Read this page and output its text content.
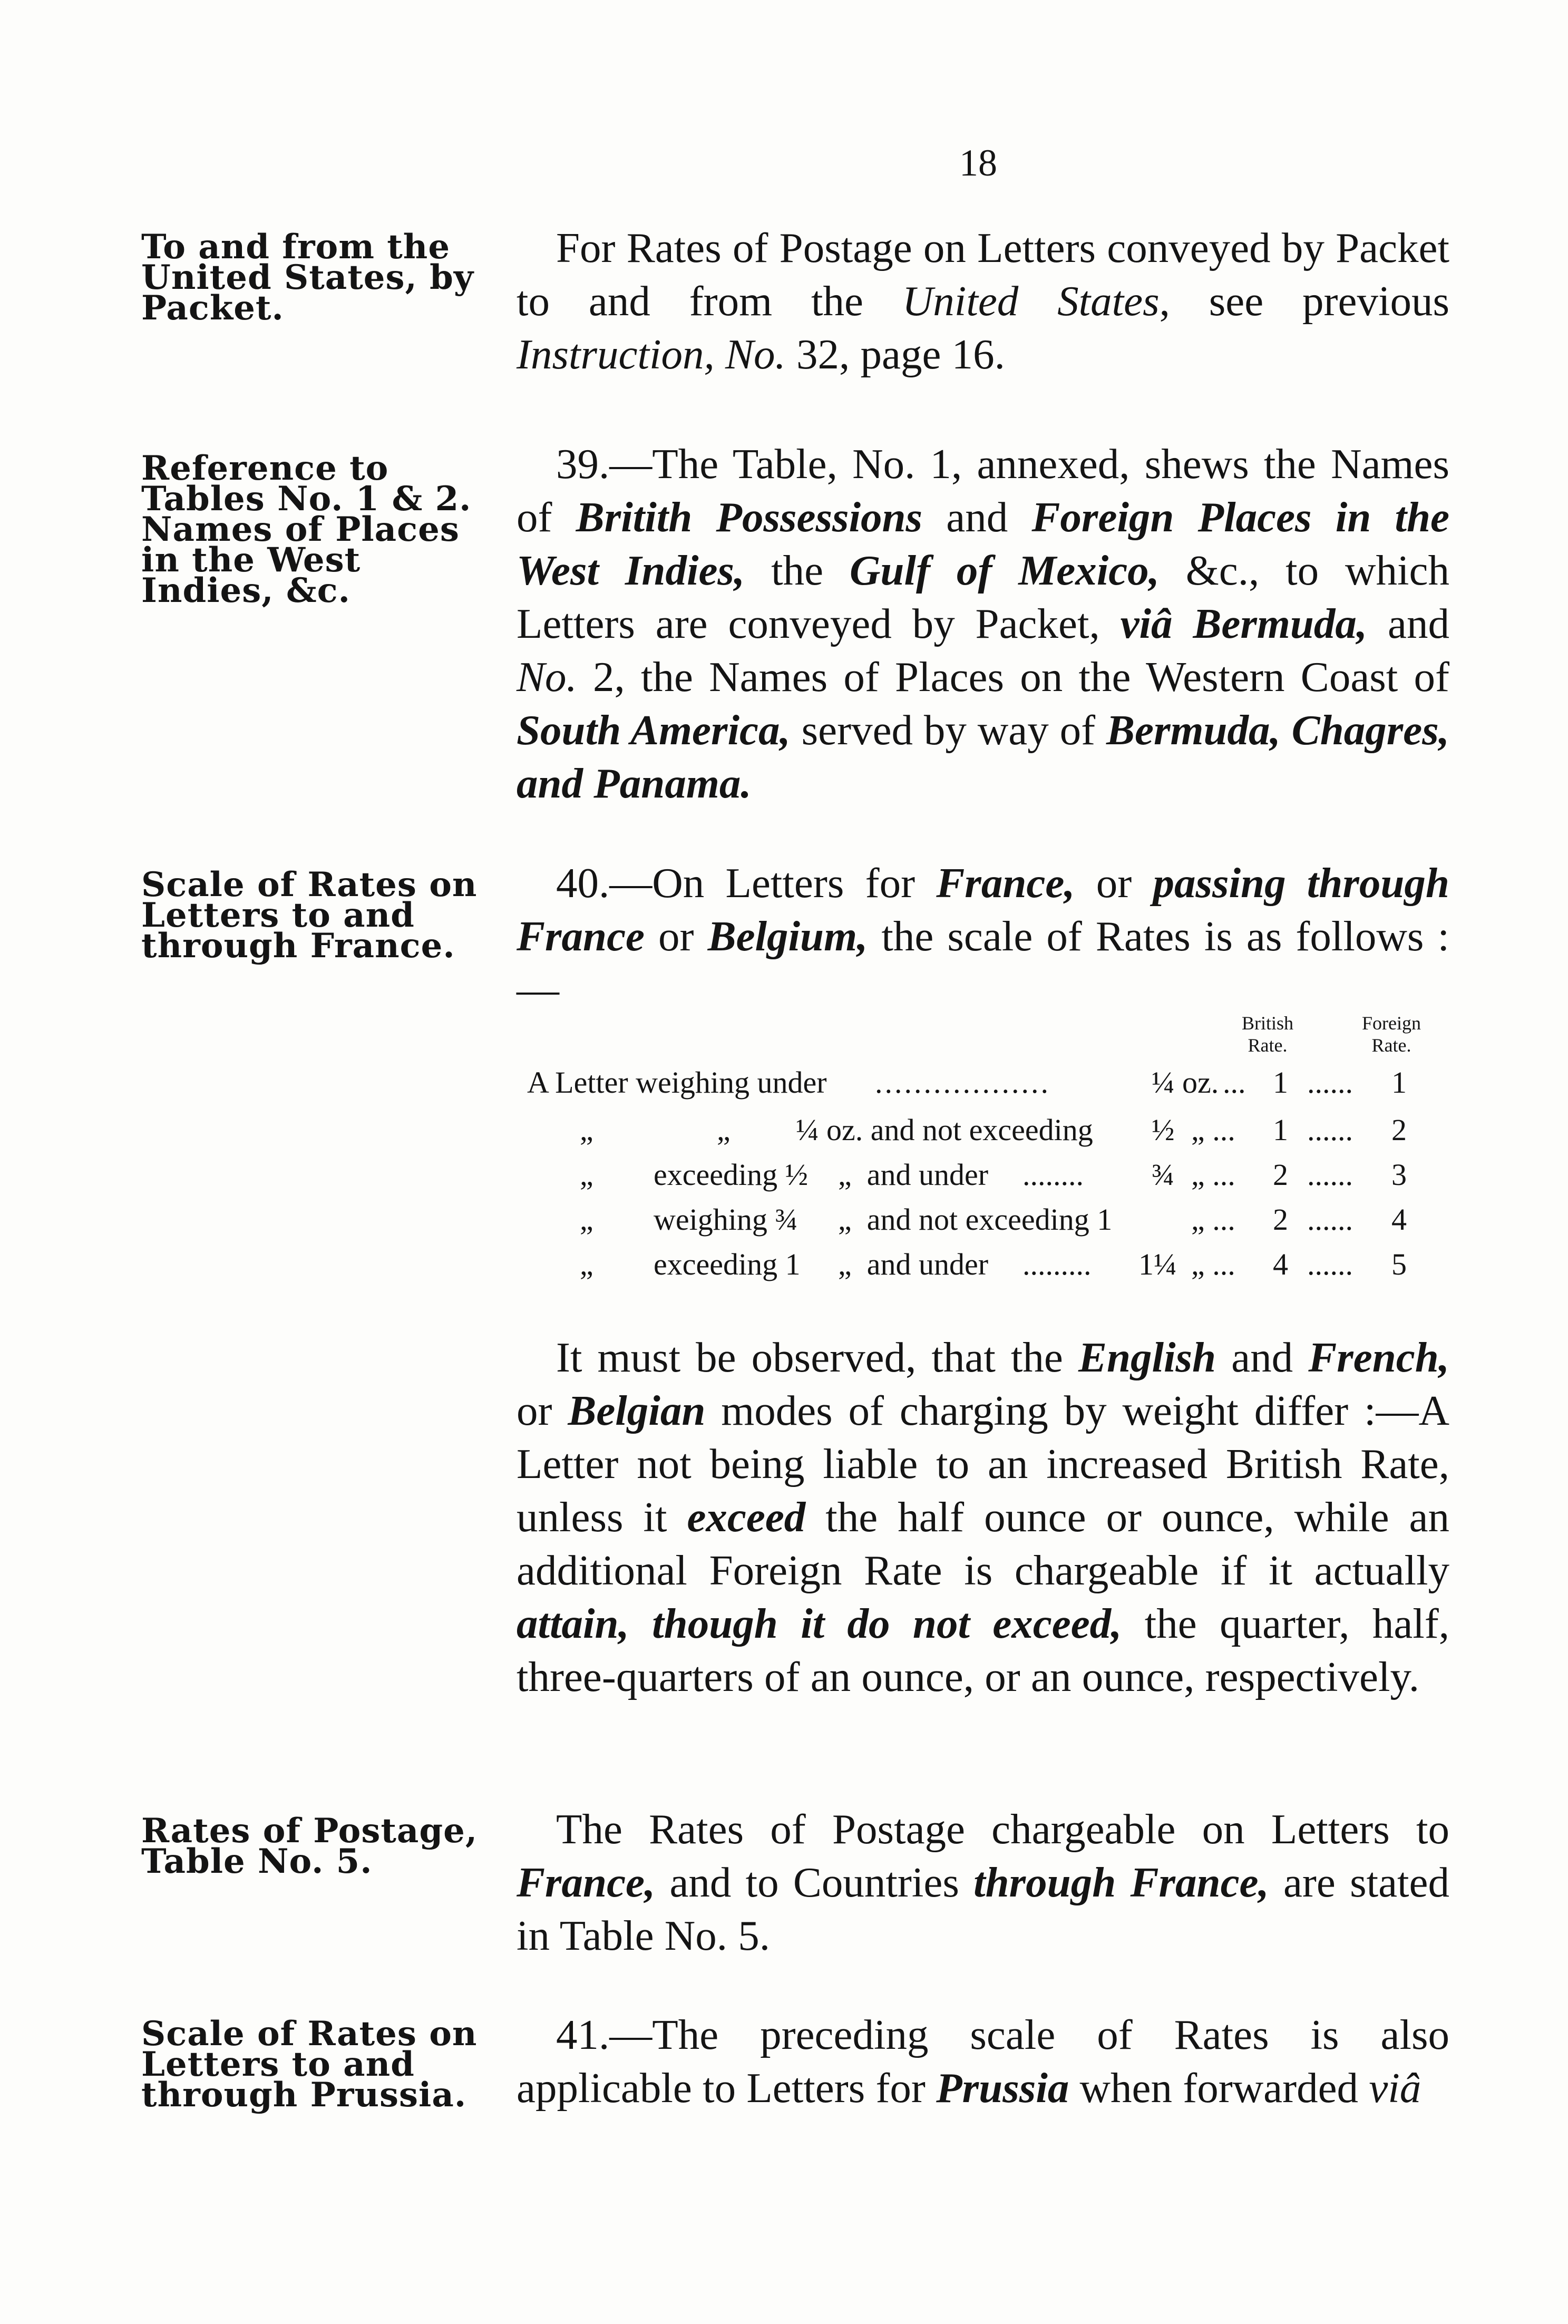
18
To and from the
United States, by
Packet.

For Rates of Postage on Letters conveyed by Packet to and from the United States, see previous Instruction, No. 32, page 16.

Reference to
Tables No. 1 & 2.
Names of Places
in the West
Indies, &c.

39.—The Table, No. 1, annexed, shews the Names of Britith Possessions and Foreign Places in the West Indies, the Gulf of Mexico, &c., to which Letters are conveyed by Packet, viâ Bermuda, and No. 2, the Names of Places on the Western Coast of South America, served by way of Bermuda, Chagres, and Panama.

Scale of Rates on
Letters to and
through France.

40.—On Letters for France, or passing through France or Belgium, the scale of Rates is as follows :—

British Rate.
Foreign Rate.
A Letter weighing under ..................	¼ oz. ... 1 ...... 1
„	„ ¼ oz. and not exceeding ½ „ ... 1 ...... 2
„ exceeding ½ „  and under ........ ¾ „ ... 2 ...... 3
„ weighing ¾ „  and not exceeding 1	„ ... 2 ...... 4
„ exceeding 1 „  and under ......... 1¼ „ ... 4 ...... 5

It must be observed, that the English and French, or Belgian modes of charging by weight differ :—A Letter not being liable to an increased British Rate, unless it exceed the half ounce or ounce, while an additional Foreign Rate is chargeable if it actually attain, though it do not exceed, the quarter, half, three-quarters of an ounce, or an ounce, respectively.

Rates of Postage,
Table No. 5.

The Rates of Postage chargeable on Letters to France, and to Countries through France, are stated in Table No. 5.

Scale of Rates on
Letters to and
through Prussia.

41.—The preceding scale of Rates is also applicable to Letters for Prussia when forwarded viâ
